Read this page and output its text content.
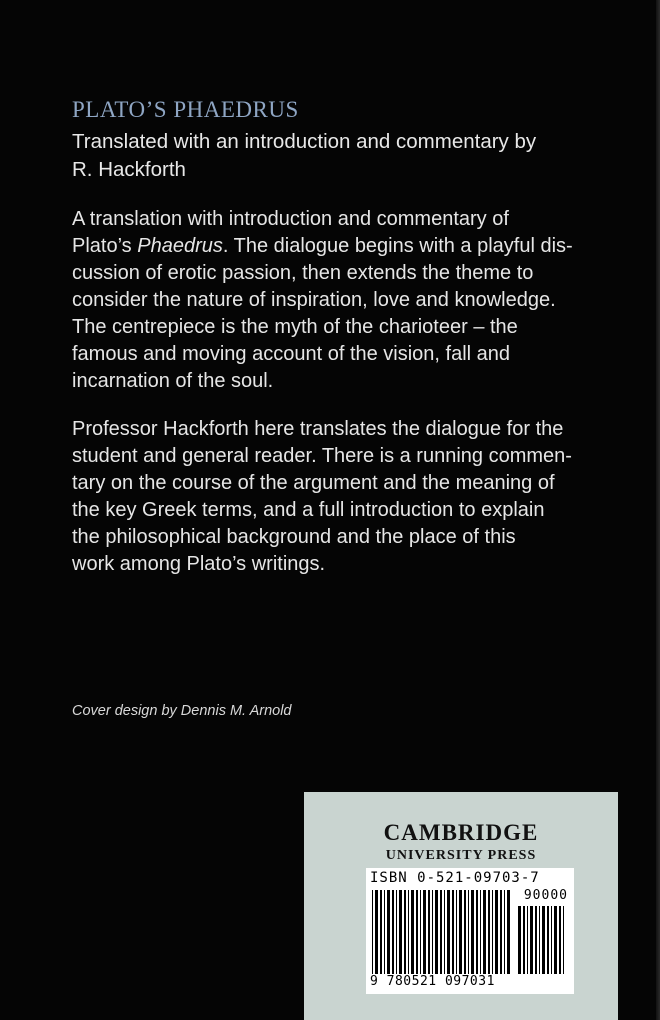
PLATO’S PHAEDRUS
Translated with an introduction and commentary by
R. Hackforth
A translation with introduction and commentary of
Plato’s Phaedrus. The dialogue begins with a playful dis-
cussion of erotic passion, then extends the theme to
consider the nature of inspiration, love and knowledge.
The centrepiece is the myth of the charioteer – the
famous and moving account of the vision, fall and
incarnation of the soul.
Professor Hackforth here translates the dialogue for the
student and general reader. There is a running commen-
tary on the course of the argument and the meaning of
the key Greek terms, and a full introduction to explain
the philosophical background and the place of this
work among Plato’s writings.
Cover design by Dennis M. Arnold
CAMBRIDGE
UNIVERSITY PRESS
ISBN 0-521-09703-7
90000
9 780521 097031
